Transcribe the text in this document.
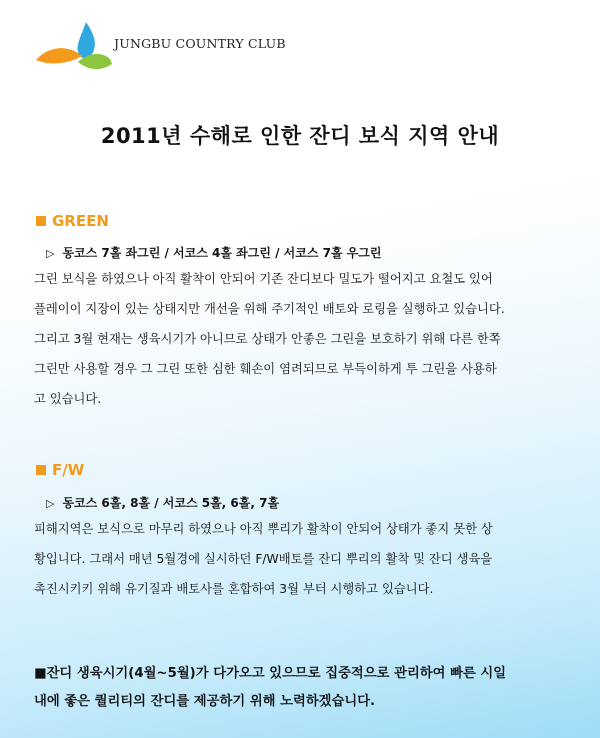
JUNGBU COUNTRY CLUB
2011년 수해로 인한 잔디 보식 지역 안내
GREEN
▷ 동코스 7홀 좌그린 / 서코스 4홀 좌그린 / 서코스 7홀 우그린
그린 보식을 하였으나 아직 활착이 안되어 기존 잔디보다 밀도가 떨어지고 요철도 있어
플레이이 지장이 있는 상태지만 개선을 위해 주기적인 배토와 로링을 실행하고 있습니다.
그리고 3월 현재는 생육시기가 아니므로 상태가 안좋은 그린을 보호하기 위해 다른 한쪽
그린만 사용할 경우 그 그린 또한 심한 훼손이 염려되므로 부득이하게 투 그린을 사용하
고 있습니다.
F/W
▷ 동코스 6홀, 8홀 / 서코스 5홀, 6홀, 7홀
피해지역은 보식으로 마무리 하였으나 아직 뿌리가 활착이 안되어 상태가 좋지 못한 상
황입니다. 그래서 매년 5월경에 실시하던 F/W배토를 잔디 뿌리의 활착 및 잔디 생육을
촉진시키키 위해 유기질과 배토사를 혼합하여 3월 부터 시행하고 있습니다.
■잔디 생육시기(4월~5월)가 다가오고 있으므로 집중적으로 관리하여 빠른 시일
내에 좋은 퀄리티의 잔디를 제공하기 위해 노력하겠습니다.
